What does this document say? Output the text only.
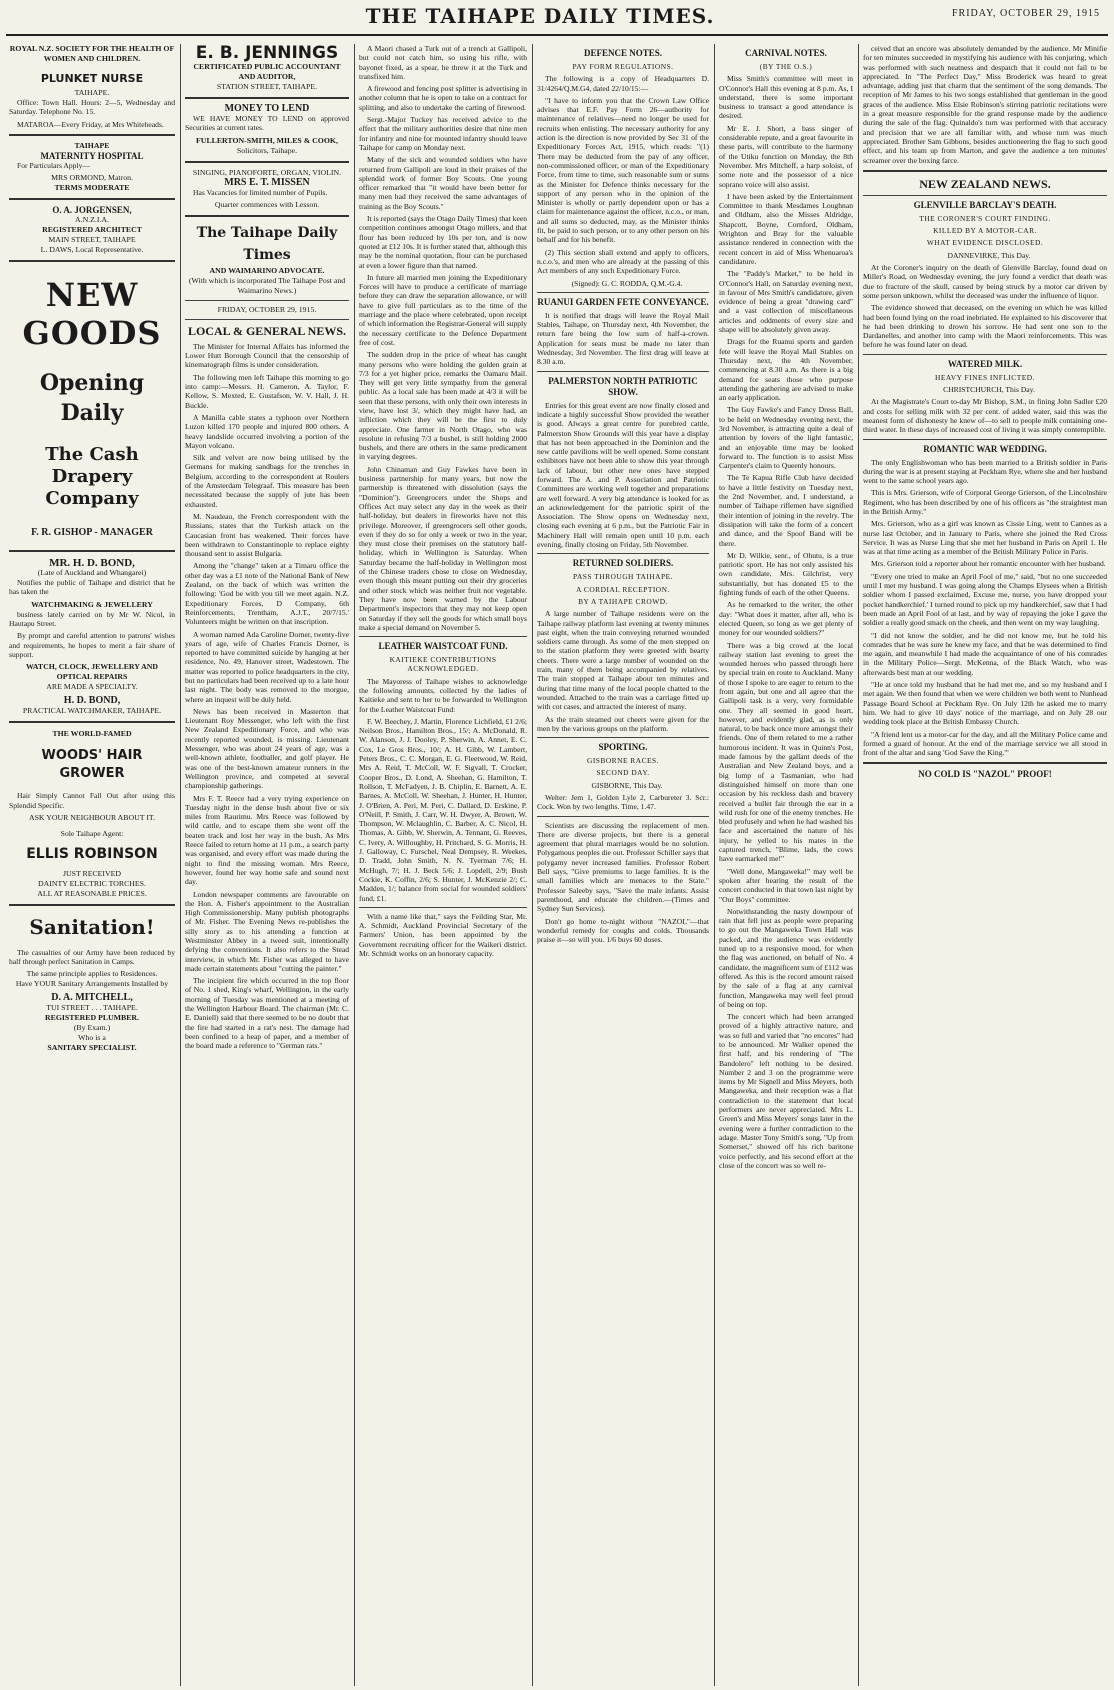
THE TAIHAPE DAILY TIMES.	FRIDAY, OCTOBER 29, 1915
ROYAL N.Z. SOCIETY FOR THE HEALTH OF WOMEN AND CHILDREN.
PLUNKET NURSE
TAIHAPE.

Office: Town Hall. Hours: 2—5, Wednesday and Saturday. Telephone No. 15.

MATAROA—Every Friday, at Mrs Whiteheads.

TAIHAPE
MATERNITY HOSPITAL

For Particulars Apply—

MRS ORMOND, Matron.
TERMS MODERATE
O. A. JORGENSEN,
A.N.Z.I.A.
REGISTERED ARCHITECT
MAIN STREET, TAIHAPE
L. DAWS, Local Representative.
NEW
GOODS
Opening Daily
The Cash Drapery Company
F. R. GISHOP - MANAGER
MR. H. D. BOND,
(Late of Auckland and Whangarei)

Notifies the public of Taihape and district that he has taken the

WATCHMAKING & JEWELLERY

business lately carried on by Mr W. Nicol, in Hautapu Street.

By prompt and careful attention to patrons' wishes and requirements, he hopes to merit a fair share of support.

WATCH, CLOCK, JEWELLERY AND OPTICAL REPAIRS
ARE MADE A SPECIALTY.
H. D. BOND,
PRACTICAL WATCHMAKER, TAIHAPE.
THE WORLD-FAMED
WOODS' HAIR GROWER

Hair Simply Cannot Fall Out after using this Splendid Specific.

ASK YOUR NEIGHBOUR ABOUT IT.
Sole Taihape Agent:
ELLIS ROBINSON
JUST RECEIVED
DAINTY ELECTRIC TORCHES.
ALL AT REASONABLE PRICES.
Sanitation!

The casualties of our Army have been reduced by half through perfect Sanitation in Camps.

The same principle applies to Residences.
Have YOUR Sanitary Arrangements Installed by
D. A. MITCHELL,
TUI STREET . . . TAIHAPE.
REGISTERED PLUMBER.
(By Exam.)
Who is a
SANITARY SPECIALIST.
E. B. JENNINGS
CERTIFICATED PUBLIC ACCOUNTANT AND AUDITOR,
STATION STREET, TAIHAPE.
MONEY TO LEND

WE HAVE MONEY TO LEND on approved Securities at current rates.

FULLERTON-SMITH, MILES & COOK,
Solicitors, Taihape.
SINGING, PIANOFORTE, ORGAN, VIOLIN.
MRS E. T. MISSEN

Has Vacancies for limited number of Pupils.

Quarter commences with Lesson.
The Taihape Daily Times
AND WAIMARINO ADVOCATE.
(With which is incorporated The Taihape Post and Waimarino News.)
FRIDAY, OCTOBER 29, 1915.
LOCAL & GENERAL NEWS.

The Minister for Internal Affairs has informed the Lower Hutt Borough Council that the censorship of kinematograph films is under consideration.

The following men left Taihape this morning to go into camp:—Messrs. H. Cameron, A. Taylor, F. Kellow, S. Mexted, E. Gustafson, W. V. Hall, J. H. Buckle.

A Manilla cable states a typhoon over Northern Luzon killed 170 people and injured 800 others. A heavy landslide occurred involving a portion of the Mayon volcano.

Silk and velvet are now being utilised by the Germans for making sandbags for the trenches in Belgium, according to the correspondent at Roulers of the Amsterdam Telegraaf. This measure has been necessitated because the supply of jute has been exhausted.

M. Naudeau, the French correspondent with the Russians, states that the Turkish attack on the Caucasian front has weakened. Their forces have been withdrawn to Constantinople to replace eighty thousand sent to assist Bulgaria.

Among the "change" taken at a Timaru office the other day was a £1 note of the National Bank of New Zealand, on the back of which was written the following: 'God be with you till we meet again. N.Z. Expeditionary Forces, D Company, 6th Reinforcements, Trentham, A.J.T., 20/7/15.' Volunteers might be written on that inscription.

A woman named Ada Caroline Dorner, twenty-five years of age, wife of Charles Francis Dorner, is reported to have committed suicide by hanging at her residence, No. 49, Hanover street, Wadestown. The matter was reported to police headquarters in the city, but no particulars had been received up to a late hour last night. The body was removed to the morgue, where an inquest will be duly held.

News has been received in Masterton that Lieutenant Roy Messenger, who left with the first New Zealand Expeditionary Force, and who was recently reported wounded, is missing. Lieutenant Messenger, who was about 24 years of age, was a well-known athlete, footballer, and golf player. He was one of the best-known amateur runners in the Wellington province, and competed at several championship gatherings.

Mrs F. T. Reece had a very trying experience on Tuesday night in the dense bush about five or six miles from Raurimu. Mrs Reece was followed by wild cattle, and to escape them she went off the beaten track and lost her way in the bush. As Mrs Reece failed to return home at 11 p.m., a search party was organised, and every effort was made during the night to find the missing woman. Mrs Reece, however, found her way home safe and sound next day.

London newspaper comments are favourable on the Hon. A. Fisher's appointment to the Australian High Commissionership. Many publish photographs of Mr. Fisher. The Evening News re-publishes the silly story as to his attending a function at Westminster Abbey in a tweed suit, intentionally defying the conventions. It also refers to the Stead interview, in which Mr. Fisher was alleged to have made certain statements about "cutting the painter."

The incipient fire which occurred in the top floor of No. 1 shed, King's wharf, Wellington, in the early morning of Tuesday was mentioned at a meeting of the Wellington Harbour Board. The chairman (Mr. C. E. Daniell) said that there seemed to be no doubt that the fire had started in a rat's nest. The damage had been confined to a heap of paper, and a member of the board made a reference to "German rats."

A Maori chased a Turk out of a trench at Gallipoli, but could not catch him, so using his rifle, with bayonet fixed, as a spear, he threw it at the Turk and transfixed him.

A firewood and fencing post splitter is advertising in another column that he is open to take on a contract for splitting, and also to undertake the carting of firewood.

Sergt.-Major Tuckey has received advice to the effect that the military authorities desire that nine men for infantry and nine for mounted infantry should leave Taihape for camp on Monday next.

Many of the sick and wounded soldiers who have returned from Gallipoli are loud in their praises of the splendid work of former Boy Scouts. One young officer remarked that "it would have been better for many men had they received the same advantages of training as the Boy Scouts."

It is reported (says the Otago Daily Times) that keen competition continues amongst Otago millers, and that flour has been reduced by 10s per ton, and is now quoted at £12 10s. It is further stated that, although this may be the nominal quotation, flour can be purchased at even a lower figure than that named.

In future all married men joining the Expeditionary Forces will have to produce a certificate of marriage before they can draw the separation allowance, or will have to give full particulars as to the time of the marriage and the place where celebrated, upon receipt of which information the Registrar-General will supply the necessary certificate to the Defence Department free of cost.

The sudden drop in the price of wheat has caught many persons who were holding the golden grain at 7/3 for a yet higher price, remarks the Oamaru Mail. They will get very little sympathy from the general public. As a local sale has been made at 4/3 it will be seen that these persons, with only their own interests in view, have lost 3/, which they might have had, an infliction which they will be the first to duly appreciate. One farmer in North Otago, who was resolute in refusing 7/3 a bushel, is still holding 2000 bushels, and there are others in the same predicament in varying degrees.

John Chinaman and Guy Fawkes have been in business partnership for many years, but now the partnership is threatened with dissolution (says the "Dominion"). Greengrocers under the Shops and Offices Act may select any day in the week as their half-holiday, but dealers in fireworks have not this privilege. Moreover, if greengrocers sell other goods, even if they do so for only a week or two in the year, they must close their premises on the statutory half-holiday, which in Wellington is Saturday. When Saturday became the half-holiday in Wellington most of the Chinese traders chose to close on Wednesday, even though this meant putting out their dry groceries and other stock which was neither fruit nor vegetable. They have now been warned by the Labour Department's inspectors that they may not keep open on Saturday if they sell the goods for which small boys make a special demand on November 5.

LEATHER WAISTCOAT FUND.
KAITIEKE CONTRIBUTIONS ACKNOWLEDGED.

The Mayoress of Taihape wishes to acknowledge the following amounts, collected by the ladies of Kaitieke and sent to her to be forwarded to Wellington for the Leather Waistcoat Fund:

F. W. Beechey, J. Martin, Florence Lichfield, £1 2/6; Neilson Bros., Hamilton Bros., 15/; A. McDonald, R. W. Alanson, J. J. Dooley, P. Sherwin, A. Annet, E. C. Cox, Le Gros Bros., 10/; A. H. Gibb, W. Lambert, Peters Bros., C. C. Morgan, E. G. Fleetwood, W. Reid, Mrs A. Reid, T. McColl, W. F. Sigvall, T. Crocker, Cooper Bros., D. Lond, A. Sheehan, G. Hamilton, T. Rollson, T. McFadyen, J. B. Chiplin, E. Barnett, A. E. Barnes, A. McColl, W. Sheehan, J. Hunter, H. Hunter, J. O'Brien, A. Peri, M. Peri, C. Dallard, D. Erskine, P. O'Neill, P. Smith, J. Carr, W. H. Dwyer, A. Brown, W. Thompson, W. Mclaughlin, C. Barber, A. C. Nicol, H. Thomas, A. Gibb, W. Sherwin, A. Tennant, G. Reeves, C. Ivery, A. Willoughby, H. Pritchard, S. G. Morris, H. J. Galloway, C. Furschel, Neal Dempsey, R. Weekes, D. Tradd, John Smith, N. N. Tyerman 7/6; H. McHugh, 7/; H. J. Beck 5/6; J. Lopdell, 2/9; Bush Cockie, K. Coffin, 2/6; S. Hunter, J. McKenzie 2/; C. Madden, 1/; balance from social for wounded soldiers' fund, £1.

With a name like that," says the Feilding Star, Mr. A. Schmidt, Auckland Provincial Secretary of the Farmers' Union, has been appointed by the Government recruiting officer for the Waikeri district. Mr. Schmidt works on an honorary capacity.

DEFENCE NOTES.
PAY FORM REGULATIONS.

The following is a copy of Headquarters D. 31/4264/Q.M.G4, dated 22/10/15:—

"I have to inform you that the Crown Law Office advises that E.F. Pay Form 26—authority for maintenance of relatives—need no longer be used for recruits when enlisting. The necessary authority for any action is the direction is now provided by Sec 31 of the Expeditionary Forces Act, 1915, which reads: "(1) There may be deducted from the pay of any officer, non-commissioned officer, or man of the Expeditionary Force, from time to time, such reasonable sum or sums as the Minister for Defence thinks necessary for the support of any person who in the opinion of the Minister is wholly or partly dependent upon or has a claim for maintenance against the officer, n.c.o., or man, and all sums so deducted, may, as the Minister thinks fit, be paid to such person, or to any other person on his behalf and for his benefit.

(2) This section shall extend and apply to officers, n.c.o.'s, and men who are already at the passing of this Act members of any such Expeditionary Force.

(Signed): G. C. RODDA, Q.M.-G.4.

RUANUI GARDEN FETE CONVEYANCE.

It is notified that drags will leave the Royal Mail Stables, Taihape, on Thursday next, 4th November, the return fare being the low sum of half-a-crown. Application for seats must be made no later than Wednesday, 3rd November. The first drag will leave at 8.30 a.m.

PALMERSTON NORTH PATRIOTIC SHOW.

Entries for this great event are now finally closed and indicate a highly successful Show provided the weather is good. Always a great centre for purebred cattle, Palmerston Show Grounds will this year have a display that has not been approached in the Dominion and the new cattle pavilions will be well opened. Some constant exhibitors have not been able to show this year through lack of labour, but other new ones have stepped forward. The A. and P. Association and Patriotic Committees are working well together and preparations are well forward. A very big attendance is looked for as an acknowledgement for the patriotic spirit of the Association. The Show opens on Wednesday next, closing each evening at 6 p.m., but the Patriotic Fair in Machinery Hall will remain open until 10 p.m. each evening, finally closing on Friday, 5th November.

RETURNED SOLDIERS.
PASS THROUGH TAIHAPE.
A CORDIAL RECEPTION.
BY A TAIHAPE CROWD.

A large number of Taihape residents were on the Taihape railway platform last evening at twenty minutes past eight, when the train conveying returned wounded soldiers came through. As some of the men stepped on to the station platform they were greeted with hearty cheers. There were a large number of wounded on the train, many of them being accompanied by relatives. The train stopped at Taihape about ten minutes and during that time many of the local people chatted to the wounded. Attached to the train was a carriage fitted up with cot cases, and attracted the interest of many.

As the train steamed out cheers were given for the men by the various groups on the platform.

SPORTING.
GISBORNE RACES.
SECOND DAY.

GISBORNE, This Day.

Welter: Jem 1, Golden Lyle 2, Carbureter 3. Scr.: Cock. Won by two lengths. Time, 1.47.

Scientists are discussing the replacement of men. There are diverse projects, but there is a general agreement that plural marriages would be no solution. Polygamous peoples die out. Professor Schiller says that polygamy never increased families. Professor Robert Bell says, "Give premiums to large families. It is the small families which are menaces to the State." Professor Saleeby says, "Save the male infants. Assist parenthood, and educate the children.—(Times and Sydney Sun Services).

Don't go home to-night without "NAZOL"—that wonderful remedy for coughs and colds. Thousands praise it—so will you. 1/6 buys 60 doses.

CARNIVAL NOTES.
(BY THE O.S.)

Miss Smith's committee will meet in O'Connor's Hall this evening at 8 p.m. As, I understand, there is some important business to transact a good attendance is desired.

Mr E. J. Short, a bass singer of considerable repute, and a great favourite in these parts, will contribute to the harmony of the Utiku function on Monday, the 8th November. Mrs Mitcheff, a harp soloist, of some note and the possessor of a nice soprano voice will also assist.

I have been asked by the Entertainment Committee to thank Mesdames Loughnan and Oldham, also the Misses Aldridge, Shapcott, Boyne, Cornford, Oldham, Wrighton and Bray for the valuable assistance rendered in connection with the recent concert in aid of Miss Whenuaroa's candidature.

The "Paddy's Market," to be held in O'Connor's Hall, on Saturday evening next, in favour of Mrs Smith's candidature, given evidence of being a great "drawing card" and a vast collection of miscellaneous articles and oddments of every size and shape will be absolutely given away.

Drags for the Ruanui sports and garden fete will leave the Royal Mail Stables on Thursday next, the 4th November, commencing at 8.30 a.m. As there is a big demand for seats those who purpose attending the gathering are advised to make an early application.

The Guy Fawke's and Fancy Dress Ball, to be held on Wednesday evening next, the 3rd November, is attracting quite a deal of attention by lovers of the light fantastic, and an enjoyable time may be looked forward to. The function is to assist Miss Carpenter's claim to Queenly honours.

The Te Kapua Rifle Club have decided to have a little festivity on Tuesday next, the 2nd November, and, I understand, a number of Taihape riflemen have signified their intention of joining in the revelry. The dissipation will take the form of a concert and dance, and the Spoof Band will be there.

Mr D. Wilkie, senr., of Ohutu, is a true patriotic sport. He has not only assisted his own candidate, Mrs. Gilchrist, very substantially, but has donated £5 to the fighting funds of each of the other Queens.

As he remarked to the writer, the other day: "What does it matter, after all, who is elected Queen, so long as we get plenty of money for our wounded soldiers?"

There was a big crowd at the local railway station last evening to greet the wounded heroes who passed through here by special train en route to Auckland. Many of those I spoke to are eager to return to the front again, but one and all agree that the Gallipoli task is a very, very formidable one. They all seemed in good heart, however, and evidently glad, as is only natural, to be back once more amongst their friends. One of them related to me a rather humorous incident. It was in Quinn's Post, made famous by the gallant deeds of the Australian and New Zealand boys, and a big lump of a Tasmanian, who had distinguished himself on more than one occasion by his reckless dash and bravery received a bullet fair through the ear in a wild rush for one of the enemy trenches. He bled profusely and when he had washed his face and ascertained the nature of his injury, he yelled to his mates in the captured trench, "Blime, lads, the cows have earmarked me!"

"Well done, Mangaweka!" may well be spoken after hearing the result of the concert conducted in that town last night by "Our Boys" committee.

Notwithstanding the nasty downpour of rain that fell just as people were preparing to go out the Mangaweka Town Hall was packed, and the audience was evidently tuned up to a responsive mood, for when the flag was auctioned, on behalf of No. 4 candidate, the magnificent sum of £112 was offered. As this is the record amount raised by the sale of a flag at any carnival function, Mangaweka may well feel proud of being on top.

The concert which had been arranged proved of a highly attractive nature, and was so full and varied that "no encores" had to be announced. Mr Walker opened the first half, and his rendering of "The Bandolero" left nothing to be desired. Number 2 and 3 on the programme were items by Mr Signell and Miss Meyers, both Mangaweka, and their reception was a flat contradiction to the statement that local performers are never appreciated. Mrs L. Green's and Miss Meyers' songs later in the evening were a further contradiction to the adage. Master Tony Smith's song, "Up from Somerset," showed off his rich baritone voice perfectly, and his second effort at the close of the concert was so well re-

ceived that an encore was absolutely demanded by the audience. Mr Minifie for ten minutes succeeded in mystifying his audience with his conjuring, which was performed with such neatness and despatch that it could not fail to be appreciated. In "The Perfect Day," Miss Broderick was heard to great advantage, adding just that charm that the sentiment of the song demands. The reception of Mr James to his two songs established that gentleman in the good graces of the audience. Miss Elsie Robinson's stirring patriotic recitations were in a great measure responsible for the grand response made by the audience during the sale of the flag. Quinaldo's turn was performed with that accuracy and precision that we are all familiar with, and whose turn was much appreciated. Brother Sam Gibbons, besides auctioneering the flag to such good effect, and his team up from Marton, and gave the audience a ten minutes' screamer over the boxing farce.

NEW ZEALAND NEWS.
GLENVILLE BARCLAY'S DEATH.
THE CORONER'S COURT FINDING.
KILLED BY A MOTOR-CAR.
WHAT EVIDENCE DISCLOSED.

DANNEVIRKE, This Day.

At the Coroner's inquiry on the death of Glenville Barclay, found dead on Miller's Road, on Wednesday evening, the jury found a verdict that death was due to fracture of the skull, caused by being struck by a motor car driven by some person unknown, whilst the deceased was under the influence of liquor.

The evidence showed that deceased, on the evening on which he was killed had been found lying on the road inebriated. He explained to his discoverer that he had been drinking to drown his sorrow. He had sent one son to the Dardanelles, and another into camp with the Maori reinforcements. This was before he was found later on dead.

WATERED MILK.
HEAVY FINES INFLICTED.

CHRISTCHURCH, This Day.

At the Magistrate's Court to-day Mr Bishop, S.M., in fining John Sadler £20 and costs for selling milk with 32 per cent. of added water, said this was the meanest form of dishonesty he knew of—to sell to people milk containing one-third water. In these days of increased cost of living it was simply contemptible.

ROMANTIC WAR WEDDING.

The only Englishwoman who has been married to a British soldier in Paris during the war is at present staying at Peckham Rye, where she and her husband went to the same school years ago.

This is Mrs. Grierson, wife of Corporal George Grierson, of the Lincolnshire Regiment, who has been described by one of his officers as "the straightest man in the British Army."

Mrs. Grierson, who as a girl was known as Cissie Ling, went to Cannes as a nurse last October, and in January to Paris, where she joined the Red Cross Service. It was as Nurse Ling that she met her husband in Paris on April 1. He was at that time acting as a member of the British Military Police in Paris.

Mrs. Grierson told a reporter about her romantic encounter with her husband.

"Every one tried to make an April Fool of me," said, "but no one succeeded until I met my husband. I was going along the Champs Elysees when a British soldier whom I passed exclaimed, Excuse me, nurse, you have dropped your pocket handkerchief.' I turned round to pick up my handkerchief, saw that I had been made an April Fool of at last, and by way of repaying the joke I gave the soldier a really good smack on the cheek, and then went on my way laughing.

"I did not know the soldier, and he did not know me, but he told his comrades that he was sure he knew my face, and that he was determined to find me again, and meanwhile I had made the acquaintance of one of his comrades in the Military Police—Sergt. McKenna, of the Black Watch, who was afterwards best man at our wedding.

"He at once told my husband that he had met me, and so my husband and I met again. We then found that when we were children we both went to Nunhead Passage Board School at Peckham Rye. On July 12th he asked me to marry him. We had to give 10 days' notice of the marriage, and on July 28 our wedding took place at the British Embassy Church.

"A friend lent us a motor-car for the day, and all the Military Police came and formed a guard of honour. At the end of the marriage service we all stood in front of the altar and sang 'God Save the King.'"

NO COLD IS "NAZOL" PROOF!
